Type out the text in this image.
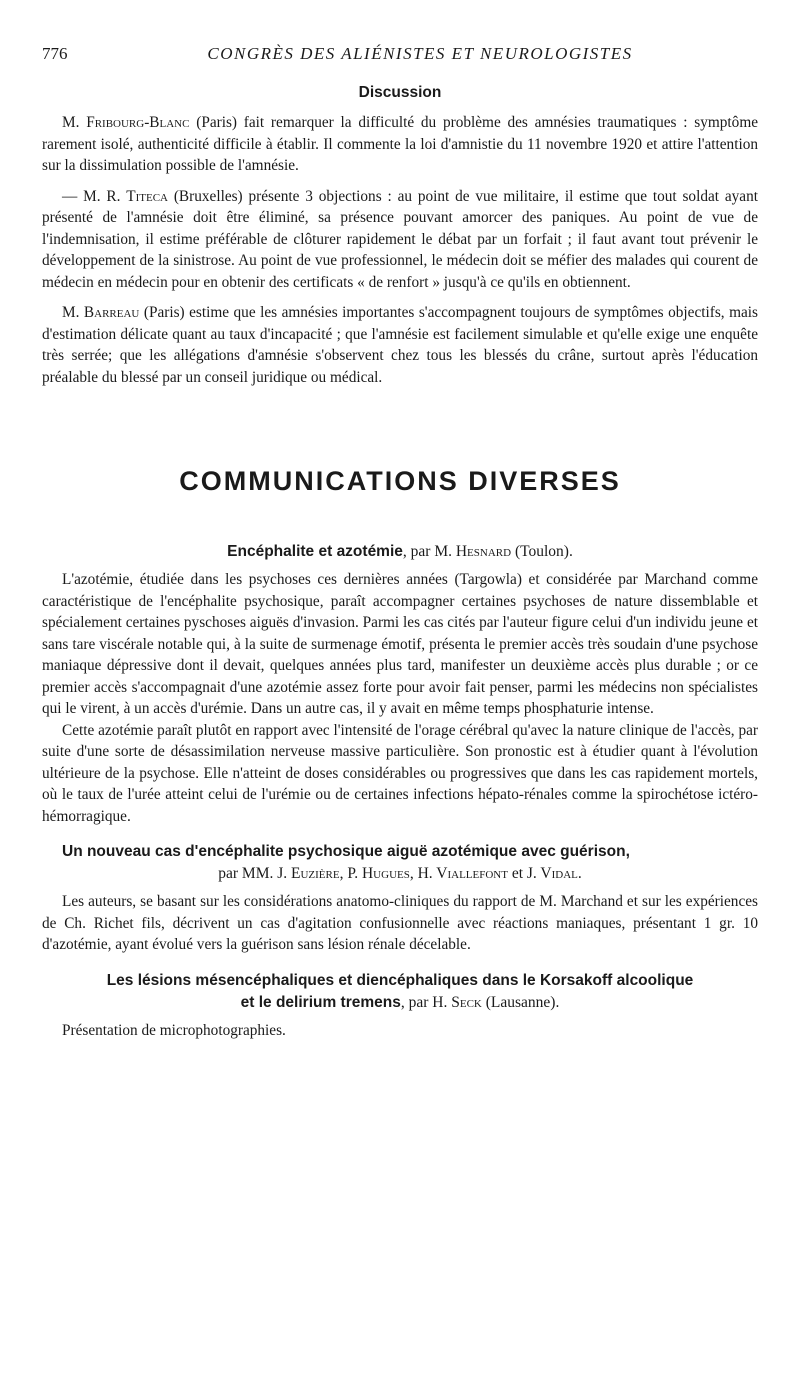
776	CONGRÈS DES ALIÉNISTES ET NEUROLOGISTES
Discussion

M. Fribourg-Blanc (Paris) fait remarquer la difficulté du problème des amnésies traumatiques : symptôme rarement isolé, authenticité difficile à établir. Il commente la loi d'amnistie du 11 novembre 1920 et attire l'attention sur la dissimulation possible de l'amnésie.

— M. R. Titeca (Bruxelles) présente 3 objections : au point de vue militaire, il estime que tout soldat ayant présenté de l'amnésie doit être éliminé, sa présence pouvant amorcer des paniques. Au point de vue de l'indemnisation, il estime préférable de clôturer rapidement le débat par un forfait ; il faut avant tout prévenir le développement de la sinistrose. Au point de vue professionnel, le médecin doit se méfier des malades qui courent de médecin en médecin pour en obtenir des certificats « de renfort » jusqu'à ce qu'ils en obtiennent.

M. Barreau (Paris) estime que les amnésies importantes s'accompagnent toujours de symptômes objectifs, mais d'estimation délicate quant au taux d'incapacité ; que l'amnésie est facilement simulable et qu'elle exige une enquête très serrée; que les allégations d'amnésie s'observent chez tous les blessés du crâne, surtout après l'éducation préalable du blessé par un conseil juridique ou médical.

COMMUNICATIONS DIVERSES
Encéphalite et azotémie, par M. Hesnard (Toulon).

L'azotémie, étudiée dans les psychoses ces dernières années (Targowla) et considérée par Marchand comme caractéristique de l'encéphalite psychosique, paraît accompagner certaines psychoses de nature dissemblable et spécialement certaines pyschoses aiguës d'invasion. Parmi les cas cités par l'auteur figure celui d'un individu jeune et sans tare viscérale notable qui, à la suite de surmenage émotif, présenta le premier accès très soudain d'une psychose maniaque dépressive dont il devait, quelques années plus tard, manifester un deuxième accès plus durable ; or ce premier accès s'accompagnait d'une azotémie assez forte pour avoir fait penser, parmi les médecins non spécialistes qui le virent, à un accès d'urémie. Dans un autre cas, il y avait en même temps phosphaturie intense.

Cette azotémie paraît plutôt en rapport avec l'intensité de l'orage cérébral qu'avec la nature clinique de l'accès, par suite d'une sorte de désassimilation nerveuse massive particulière. Son pronostic est à étudier quant à l'évolution ultérieure de la psychose. Elle n'atteint de doses considérables ou progressives que dans les cas rapidement mortels, où le taux de l'urée atteint celui de l'urémie ou de certaines infections hépato-rénales comme la spirochétose ictéro-hémorragique.

Un nouveau cas d'encéphalite psychosique aiguë azotémique avec guérison,
par MM. J. Euzière, P. Hugues, H. Viallefont et J. Vidal.

Les auteurs, se basant sur les considérations anatomo-cliniques du rapport de M. Marchand et sur les expériences de Ch. Richet fils, décrivent un cas d'agitation confusionnelle avec réactions maniaques, présentant 1 gr. 10 d'azotémie, ayant évolué vers la guérison sans lésion rénale décelable.

Les lésions mésencéphaliques et diencéphaliques dans le Korsakoff alcoolique
et le delirium tremens, par H. Seck (Lausanne).

Présentation de microphotographies.
